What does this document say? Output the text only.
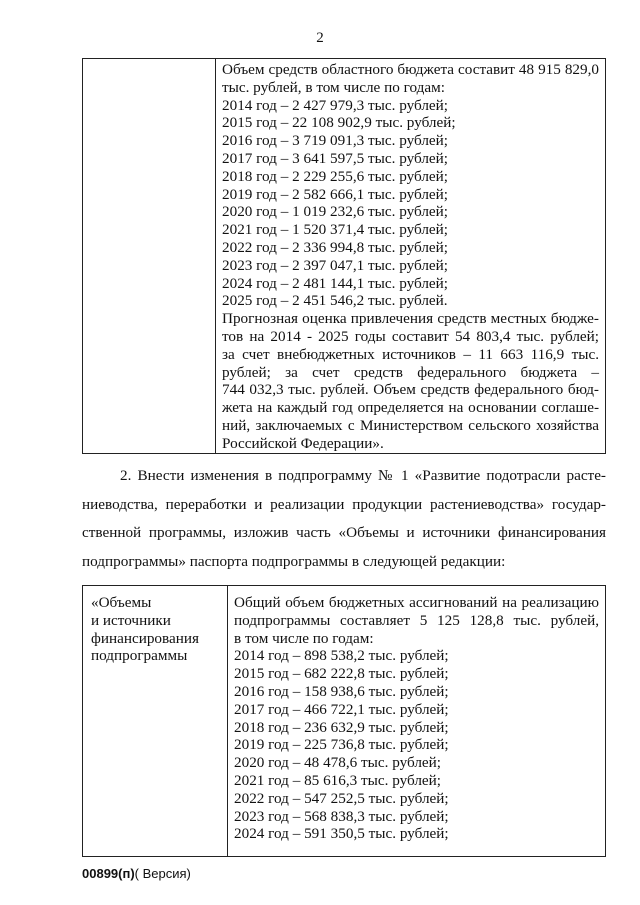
2

Объем средств областного бюджета составит 48 915 829,0
тыс. рублей, в том числе по годам:
2014 год – 2 427 979,3 тыс. рублей;
2015 год – 22 108 902,9 тыс. рублей;
2016 год – 3 719 091,3 тыс. рублей;
2017 год – 3 641 597,5 тыс. рублей;
2018 год – 2 229 255,6 тыс. рублей;
2019 год – 2 582 666,1 тыс. рублей;
2020 год – 1 019 232,6 тыс. рублей;
2021 год – 1 520 371,4 тыс. рублей;
2022 год – 2 336 994,8 тыс. рублей;
2023 год – 2 397 047,1 тыс. рублей;
2024 год – 2 481 144,1 тыс. рублей;
2025 год – 2 451 546,2 тыс. рублей.
Прогнозная оценка привлечения средств местных бюдже-
тов на 2014 - 2025 годы составит 54 803,4 тыс. рублей;
за счет внебюджетных источников – 11 663 116,9 тыс.
рублей; за счет средств федерального бюджета –
744 032,3 тыс. рублей. Объем средств федерального бюд-
жета на каждый год определяется на основании соглаше-
ний, заключаемых с Министерством сельского хозяйства
Российской Федерации».
2. Внести изменения в подпрограмму № 1 «Развитие подотрасли расте-
ниеводства, переработки и реализации продукции растениеводства» государ-
ственной программы, изложив часть «Объемы и источники финансирования
подпрограммы» паспорта подпрограммы в следующей редакции:
«Объемы
и источники
финансирования
подпрограммы

Общий объем бюджетных ассигнований на реализацию
подпрограммы составляет 5 125 128,8 тыс. рублей,
в том числе по годам:
2014 год – 898 538,2 тыс. рублей;
2015 год – 682 222,8 тыс. рублей;
2016 год – 158 938,6 тыс. рублей;
2017 год – 466 722,1 тыс. рублей;
2018 год – 236 632,9 тыс. рублей;
2019 год – 225 736,8 тыс. рублей;
2020 год – 48 478,6 тыс. рублей;
2021 год – 85 616,3 тыс. рублей;
2022 год – 547 252,5 тыс. рублей;
2023 год – 568 838,3 тыс. рублей;
2024 год – 591 350,5 тыс. рублей;
00899(п)( Версия)
